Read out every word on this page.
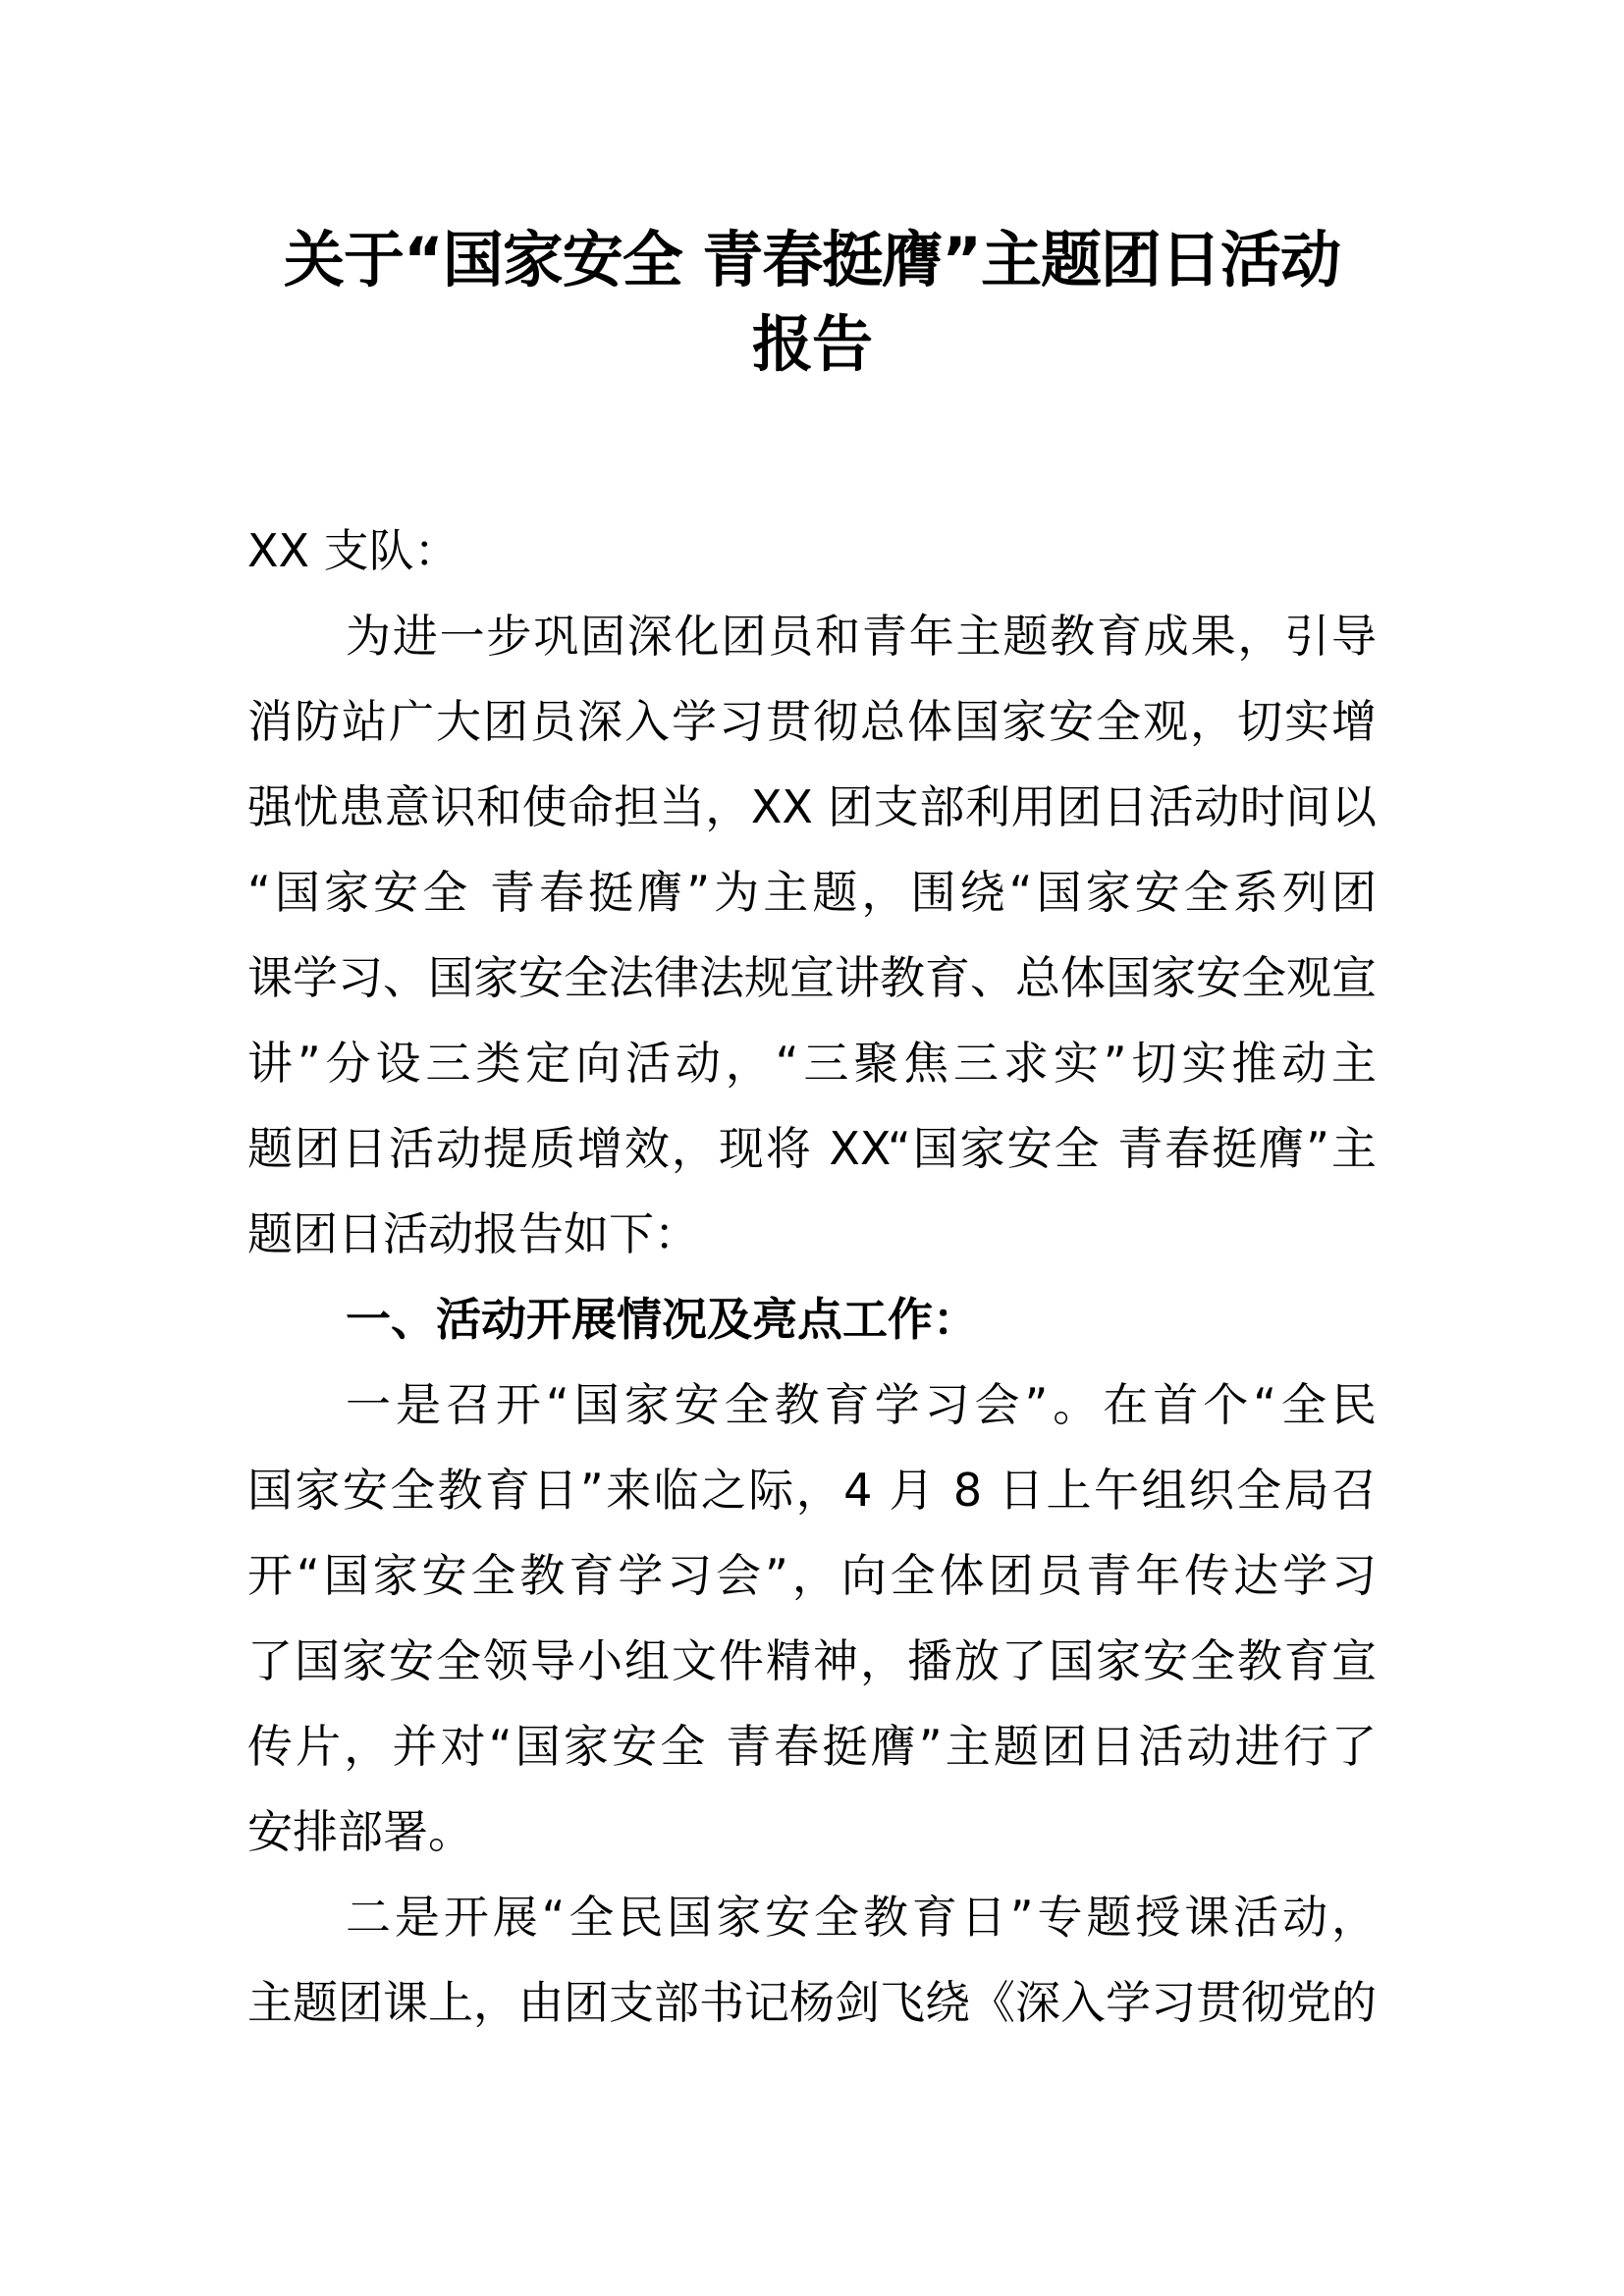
关于“国家安全 青春挺膺”主题团日活动
报告
XX 支队：
为进一步巩固深化团员和青年主题教育成果，引导
消防站广大团员深入学习贯彻总体国家安全观，切实增
强忧患意识和使命担当，XX 团支部利用团日活动时间以
“国家安全 青春挺膺”为主题，围绕“国家安全系列团
课学习、国家安全法律法规宣讲教育、总体国家安全观宣
讲”分设三类定向活动，“三聚焦三求实”切实推动主
题团日活动提质增效，现将 XX“国家安全 青春挺膺”主
题团日活动报告如下：
一、活动开展情况及亮点工作：
一是召开“国家安全教育学习会”。在首个“全民
国家安全教育日”来临之际，4 月 8 日上午组织全局召
开“国家安全教育学习会”，向全体团员青年传达学习
了国家安全领导小组文件精神，播放了国家安全教育宣
传片，并对“国家安全 青春挺膺”主题团日活动进行了
安排部署。
二是开展“全民国家安全教育日”专题授课活动，
主题团课上，由团支部书记杨剑飞绕《深入学习贯彻党的
